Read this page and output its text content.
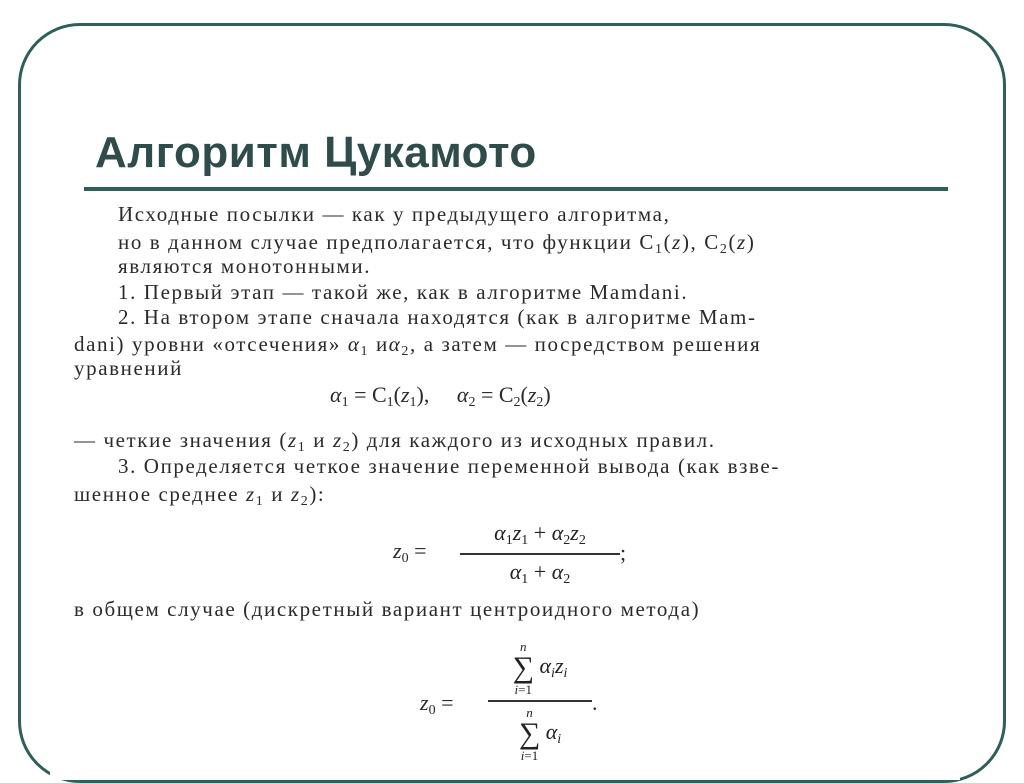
Алгоритм Цукамото
Исходные посылки — как у предыдущего алгоритма,
но в данном случае предполагается, что функции $C_1(z)$, $C_2(z)$
являются монотонными.
1. Первый этап — такой же, как в алгоритме Mamdani.
2. На втором этапе сначала находятся (как в алгоритме Mam-
dani) уровни «отсечения» $\alpha_1$ $и\alpha_2$, а затем — посредством решения
уравнений
$\alpha_1 = C_1(z_1)$,     $\alpha_2 = C_2(z_2)$
— четкие значения ($z_1$ и $z_2$) для каждого из исходных правил.
3. Определяется четкое значение переменной вывода (как взве-
шенное среднее $z_1$ и $z_2$):
$z_0$ =
$\alpha_1z_1 + \alpha_2z_2$
$\alpha_1 + \alpha_2$
;
в общем случае (дискретный вариант центроидного метода)
$z_0$ =
n
∑
i=1
$\alpha_iz_i$
n
∑
i=1
$\alpha_i$
.
